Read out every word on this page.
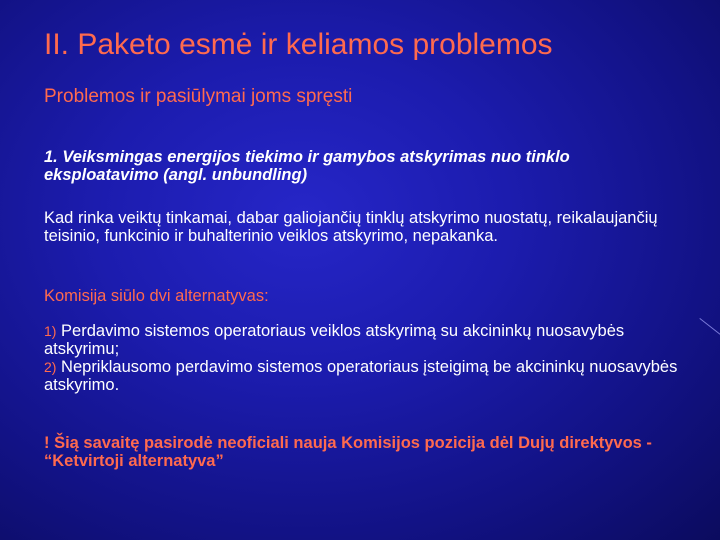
II. Paketo esmė ir keliamos problemos
Problemos ir pasiūlymai joms spręsti
1. Veiksmingas energijos tiekimo ir gamybos atskyrimas nuo tinklo eksploatavimo (angl. unbundling)
Kad rinka veiktų tinkamai, dabar galiojančių tinklų atskyrimo nuostatų, reikalaujančių teisinio, funkcinio ir buhalterinio veiklos atskyrimo, nepakanka.
Komisija siūlo dvi alternatyvas:
1) Perdavimo sistemos operatoriaus veiklos atskyrimą su akcininkų nuosavybės atskyrimu;
2) Nepriklausomo perdavimo sistemos operatoriaus įsteigimą be akcininkų nuosavybės atskyrimo.
! Šią savaitę pasirodė neoficiali nauja Komisijos pozicija dėl Dujų direktyvos - “Ketvirtoji alternatyva”
